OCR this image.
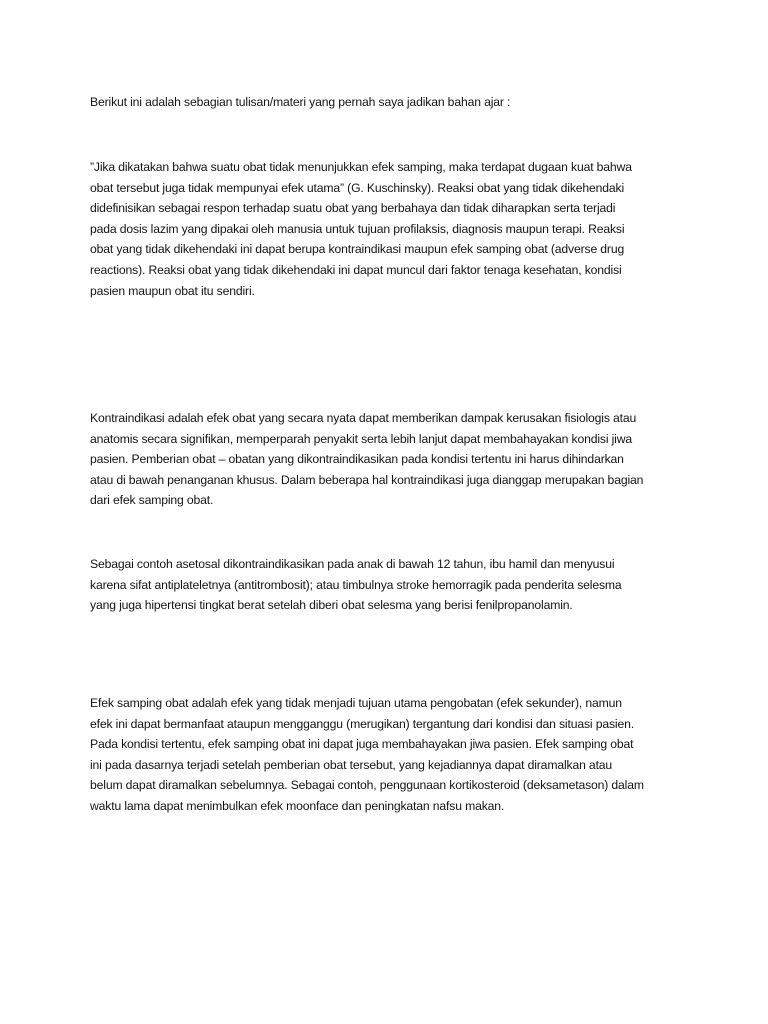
Berikut ini adalah sebagian tulisan/materi yang pernah saya jadikan bahan ajar :

”Jika dikatakan bahwa suatu obat tidak menunjukkan efek samping, maka terdapat dugaan kuat bahwa
obat tersebut juga tidak mempunyai efek utama” (G. Kuschinsky). Reaksi obat yang tidak dikehendaki
didefinisikan sebagai respon terhadap suatu obat yang berbahaya dan tidak diharapkan serta terjadi
pada dosis lazim yang dipakai oleh manusia untuk tujuan profilaksis, diagnosis maupun terapi. Reaksi
obat yang tidak dikehendaki ini dapat berupa kontraindikasi maupun efek samping obat (adverse drug
reactions). Reaksi obat yang tidak dikehendaki ini dapat muncul dari faktor tenaga kesehatan, kondisi
pasien maupun obat itu sendiri.

Kontraindikasi adalah efek obat yang secara nyata dapat memberikan dampak kerusakan fisiologis atau
anatomis secara signifikan, memperparah penyakit serta lebih lanjut dapat membahayakan kondisi jiwa
pasien. Pemberian obat – obatan yang dikontraindikasikan pada kondisi tertentu ini harus dihindarkan
atau di bawah penanganan khusus. Dalam beberapa hal kontraindikasi juga dianggap merupakan bagian
dari efek samping obat.

Sebagai contoh asetosal dikontraindikasikan pada anak di bawah 12 tahun, ibu hamil dan menyusui
karena sifat antiplateletnya (antitrombosit); atau timbulnya stroke hemorragik pada penderita selesma
yang juga hipertensi tingkat berat setelah diberi obat selesma yang berisi fenilpropanolamin.

Efek samping obat adalah efek yang tidak menjadi tujuan utama pengobatan (efek sekunder), namun
efek ini dapat bermanfaat ataupun mengganggu (merugikan) tergantung dari kondisi dan situasi pasien.
Pada kondisi tertentu, efek samping obat ini dapat juga membahayakan jiwa pasien. Efek samping obat
ini pada dasarnya terjadi setelah pemberian obat tersebut, yang kejadiannya dapat diramalkan atau
belum dapat diramalkan sebelumnya. Sebagai contoh, penggunaan kortikosteroid (deksametason) dalam
waktu lama dapat menimbulkan efek moonface dan peningkatan nafsu makan.
